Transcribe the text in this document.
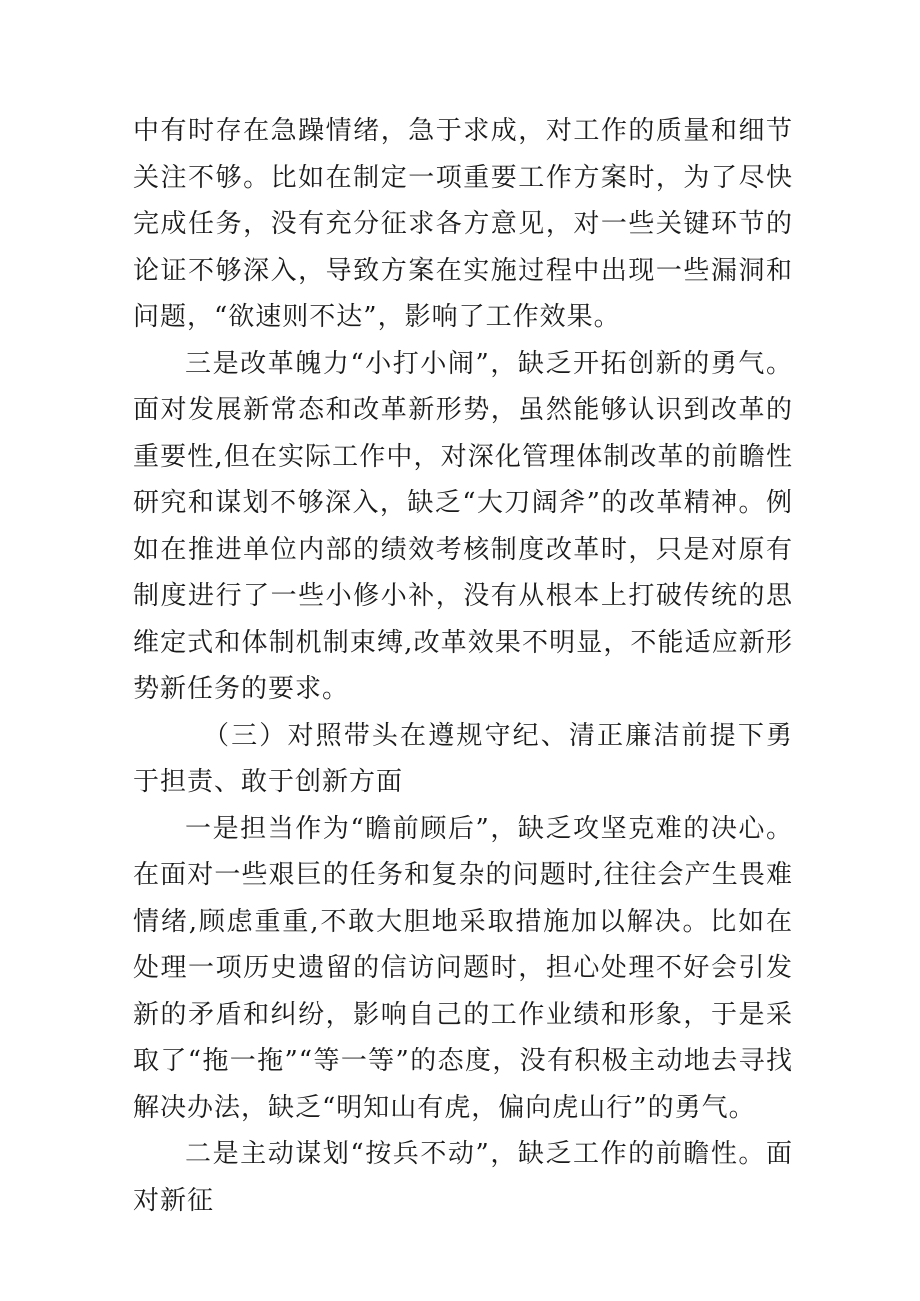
中有时存在急躁情绪，急于求成，对工作的质量和细节关注不够。比如在制定一项重要工作方案时，为了尽快完成任务，没有充分征求各方意见，对一些关键环节的论证不够深入，导致方案在实施过程中出现一些漏洞和问题，“欲速则不达”，影响了工作效果。

三是改革魄力“小打小闹”，缺乏开拓创新的勇气。面对发展新常态和改革新形势，虽然能够认识到改革的重要性,但在实际工作中，对深化管理体制改革的前瞻性研究和谋划不够深入，缺乏“大刀阔斧”的改革精神。例如在推进单位内部的绩效考核制度改革时，只是对原有制度进行了一些小修小补，没有从根本上打破传统的思维定式和体制机制束缚,改革效果不明显，不能适应新形势新任务的要求。

（三）对照带头在遵规守纪、清正廉洁前提下勇于担责、敢于创新方面

一是担当作为“瞻前顾后”，缺乏攻坚克难的决心。在面对一些艰巨的任务和复杂的问题时,往往会产生畏难情绪,顾虑重重,不敢大胆地采取措施加以解决。比如在处理一项历史遗留的信访问题时，担心处理不好会引发新的矛盾和纠纷，影响自己的工作业绩和形象，于是采取了“拖一拖”“等一等”的态度，没有积极主动地去寻找解决办法，缺乏“明知山有虎，偏向虎山行”的勇气。

二是主动谋划“按兵不动”，缺乏工作的前瞻性。面对新征
